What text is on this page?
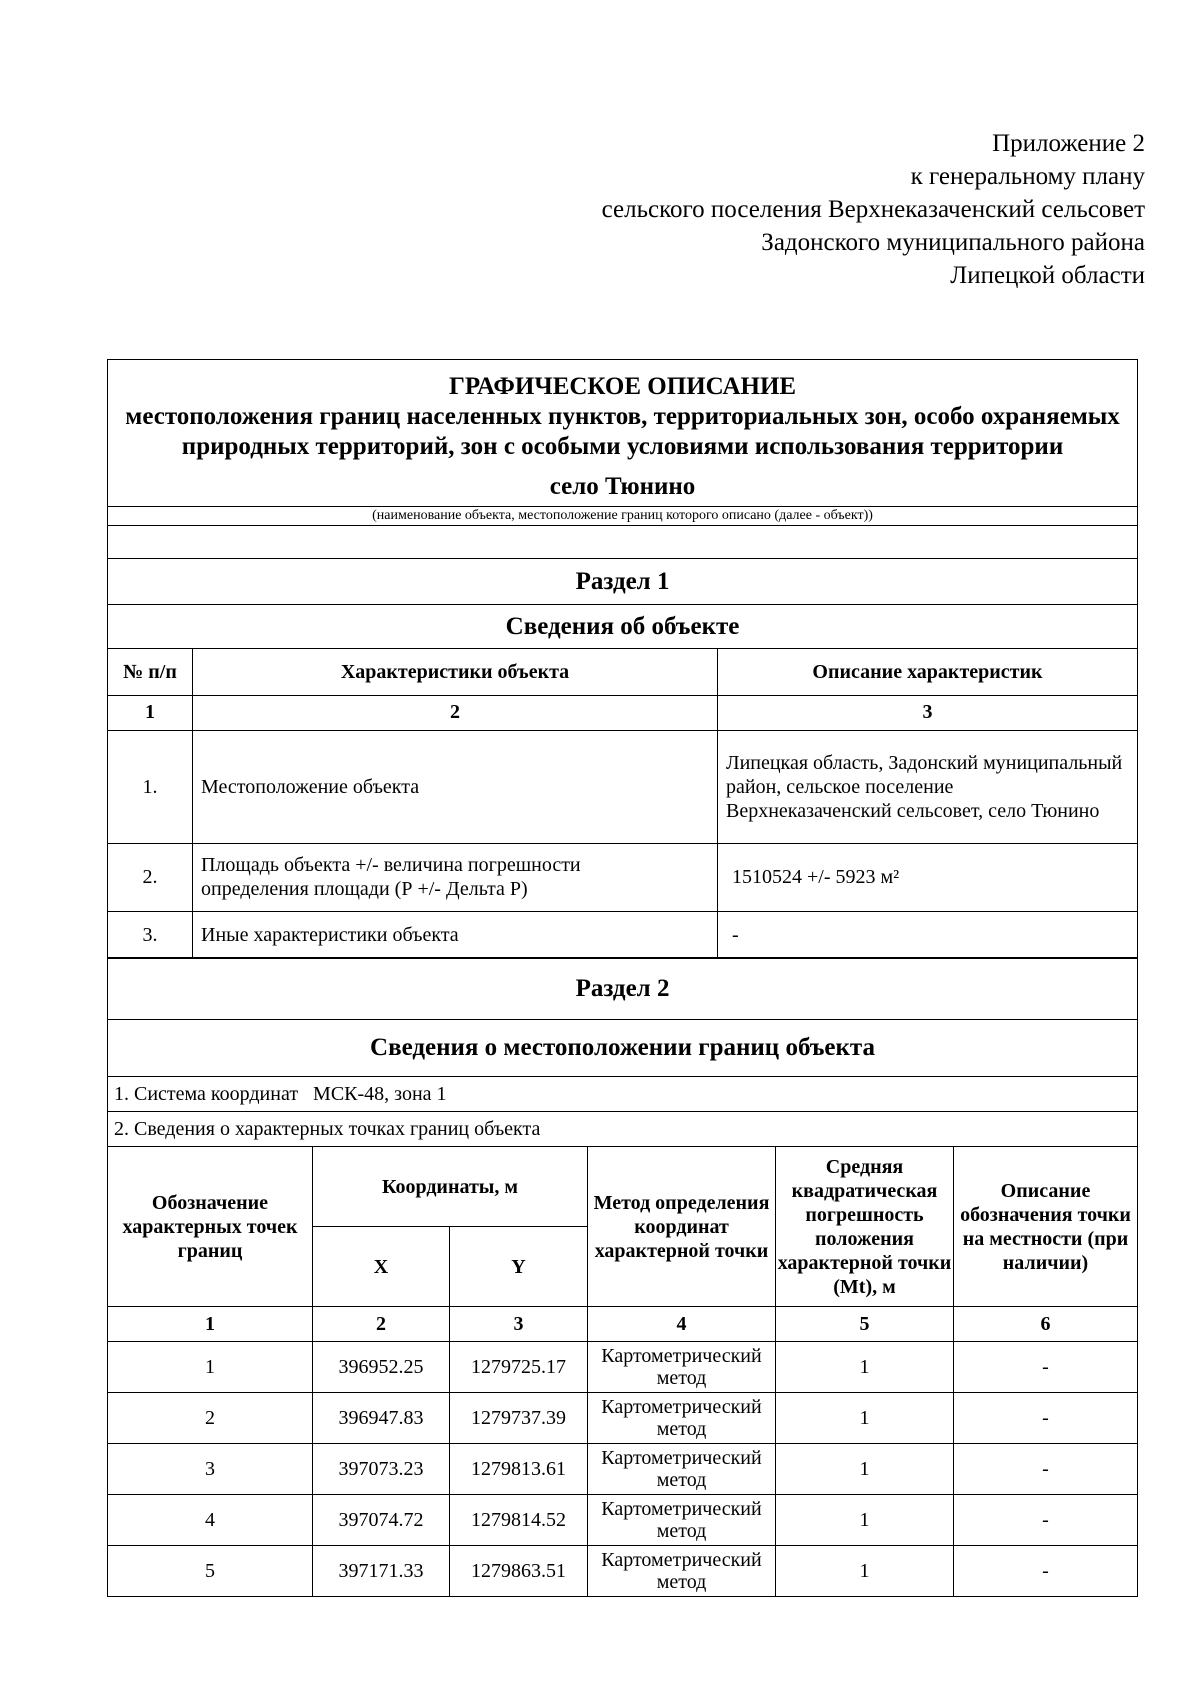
Приложение 2
к генеральному плану
сельского поселения Верхнеказаченский сельсовет
Задонского муниципального района
Липецкой области
ГРАФИЧЕСКОЕ ОПИСАНИЕ
местоположения границ населенных пунктов, территориальных зон, особо охраняемых природных территорий, зон с особыми условиями использования территории
село Тюнино

(наименование объекта, местоположение границ которого описано (далее - объект))

Раздел 1
Сведения об объекте
№ п/п	Характеристики объекта	Описание характеристик
1	2	3
1.	Местоположение объекта	Липецкая область, Задонский муниципальный район, сельское поселение Верхнеказаченский сельсовет, село Тюнино
2.	Площадь объекта +/- величина погрешности определения площади (Р +/- Дельта Р)	1510524 +/- 5923 м²
3.	Иные характеристики объекта	-
Раздел 2					
Сведения о местоположении границ объекта					
1. Система координат   МСК-48, зона 1					
2. Сведения о характерных точках границ объекта					
Обозначение характерных точек границ	Координаты, м		Метод определения координат характерной точки	Средняя квадратическая погрешность положения характерной точки (Mt), м	Описание обозначения точки на местности (при наличии)
	X	Y			
1	2	3	4	5	6
1	396952.25	1279725.17	Картометрический метод	1	-
2	396947.83	1279737.39	Картометрический метод	1	-
3	397073.23	1279813.61	Картометрический метод	1	-
4	397074.72	1279814.52	Картометрический метод	1	-
5	397171.33	1279863.51	Картометрический метод	1	-
